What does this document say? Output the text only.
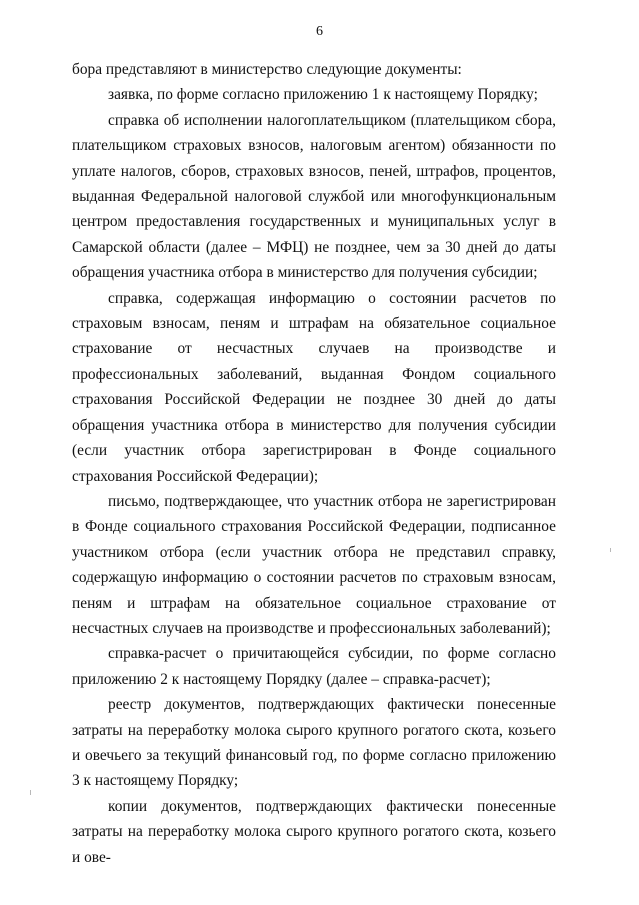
6

бора представляют в министерство следующие документы:

заявка, по форме согласно приложению 1 к настоящему Порядку;

справка об исполнении налогоплательщиком (плательщиком сбора, плательщиком страховых взносов, налоговым агентом) обязанности по уплате налогов, сборов, страховых взносов, пеней, штрафов, процентов, выданная Федеральной налоговой службой или многофункциональным центром предоставления государственных и муниципальных услуг в Самарской области (далее – МФЦ) не позднее, чем за 30 дней до даты обращения участника отбора в министерство для получения субсидии;

справка, содержащая информацию о состоянии расчетов по страховым взносам, пеням и штрафам на обязательное социальное страхование от несчастных случаев на производстве и профессиональных заболеваний, выданная Фондом социального страхования Российской Федерации не позднее 30 дней до даты обращения участника отбора в министерство для получения субсидии (если участник отбора зарегистрирован в Фонде социального страхования Российской Федерации);

письмо, подтверждающее, что участник отбора не зарегистрирован в Фонде социального страхования Российской Федерации, подписанное участником отбора (если участник отбора не представил справку, содержащую информацию о состоянии расчетов по страховым взносам, пеням и штрафам на обязательное социальное страхование от несчастных случаев на производстве и профессиональных заболеваний);

справка-расчет о причитающейся субсидии, по форме согласно приложению 2 к настоящему Порядку (далее – справка-расчет);

реестр документов, подтверждающих фактически понесенные затраты на переработку молока сырого крупного рогатого скота, козьего и овечьего за текущий финансовый год, по форме согласно приложению 3 к настоящему Порядку;

копии документов, подтверждающих фактически понесенные затраты на переработку молока сырого крупного рогатого скота, козьего и ове-
